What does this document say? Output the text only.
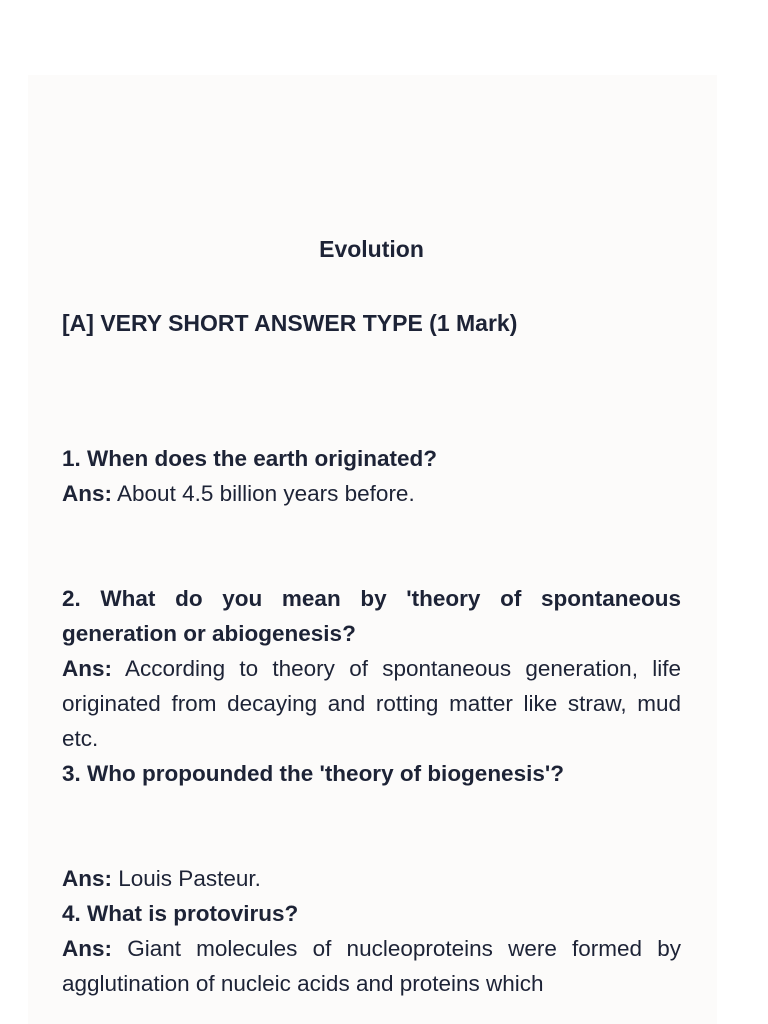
Evolution
[A] VERY SHORT ANSWER TYPE (1 Mark)
1. When does the earth originated?
Ans: About 4.5 billion years before.
2. What do you mean by 'theory of spontaneous generation or abiogenesis?
Ans: According to theory of spontaneous generation, life originated from decaying and rotting matter like straw, mud etc.
3. Who propounded the 'theory of biogenesis'?
Ans: Louis Pasteur.
4. What is protovirus?
Ans: Giant molecules of nucleoproteins were formed by agglutination of nucleic acids and proteins which
